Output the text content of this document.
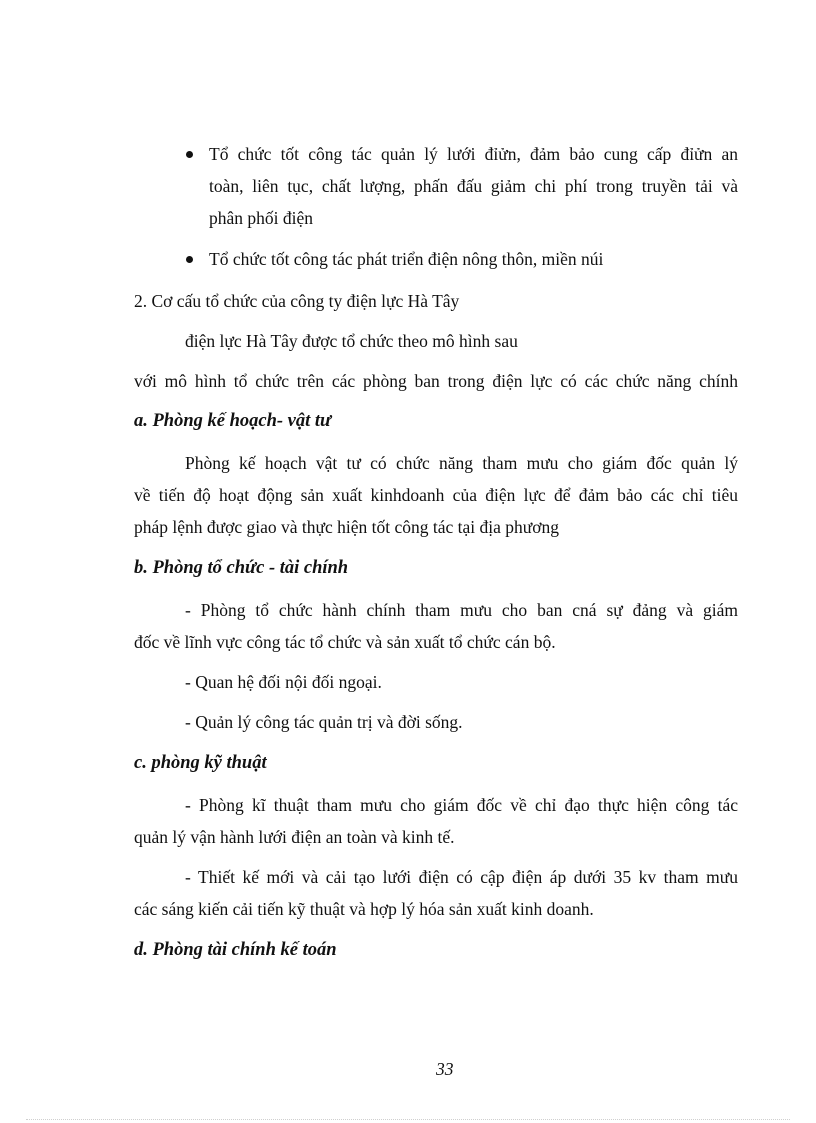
Tổ chức tốt công tác quản lý lưới đỉửn, đảm bảo cung cấp đỉửn an
toàn, liên tục, chất lượng, phấn đấu giảm chi phí trong truyền tải và
phân phối điện
Tổ chức tốt công tác phát triển điện nông thôn, miền núi
2. Cơ cấu tổ chức của công ty điện lực Hà Tây
điện lực Hà Tây được tổ chức theo mô hình sau
với mô hình tổ chức trên các phòng ban trong điện lực có các chức năng chính
a. Phòng kế hoạch- vật tư
Phòng kế hoạch vật tư có chức năng tham mưu cho giám đốc quản lý
về tiến độ hoạt động sản xuất kinhdoanh của điện lực để đảm bảo các chỉ tiêu
pháp lệnh được giao và thực hiện tốt công tác tại địa phương
b. Phòng tổ chức - tài chính
- Phòng tổ chức hành chính tham mưu cho ban cná sự đảng và giám
đốc về lĩnh vực công tác tổ chức và sản xuất tổ chức cán bộ.
- Quan hệ đối nội đối ngoại.
- Quản lý công tác quản trị và đời sống.
c. phòng kỹ thuật
- Phòng kĩ thuật tham mưu cho giám đốc về chỉ đạo thực hiện công tác
quản lý vận hành lưới điện an toàn và kinh tế.
- Thiết kế mới và cải tạo lưới điện có cập điện áp dưới 35 kv tham mưu
các sáng kiến cải tiến kỹ thuật và hợp lý hóa sản xuất kinh doanh.
d. Phòng tài chính kế toán
33
